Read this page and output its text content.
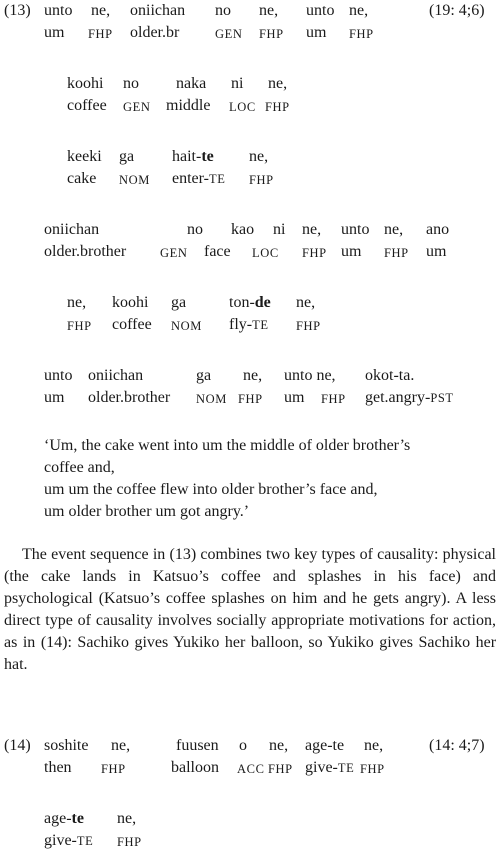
(13)	(19: 4;6)
unto ne, oniichan no ne, unto ne,
um FHP older.br	GEN FHP um FHP
koohi no naka ni ne,
coffee GEN middle LOC FHP
keeki ga hait-te ne,
cake NOM enter-TE FHP
oniichan	no kao ni ne, unto ne, ano
older.brother	GEN face LOC FHP um FHP um
ne, koohi ga	ton-de ne,
FHP coffee NOM fly-TE FHP
unto oniichan	ga ne, unto ne, okot-ta.
um older.brother NOM FHP um FHP get.angry-PST
‘Um, the cake went into um the middle of older brother’s
coffee and,
um um the coffee flew into older brother’s face and,
um older brother um got angry.’
The event sequence in (13) combines two key types of causality: physical (the cake lands in Katsuo’s coffee and splashes in his face) and psychological (Katsuo’s coffee splashes on him and he gets angry). A less direct type of causality involves socially appropriate motivations for action, as in (14): Sachiko gives Yukiko her balloon, so Yukiko gives Sachiko her hat.
(14)	(14: 4;7)
soshite ne,	fuusen o ne, age-te ne,
then FHP	balloon ACC FHP give-TE FHP
age-te ne,
give-TE FHP
